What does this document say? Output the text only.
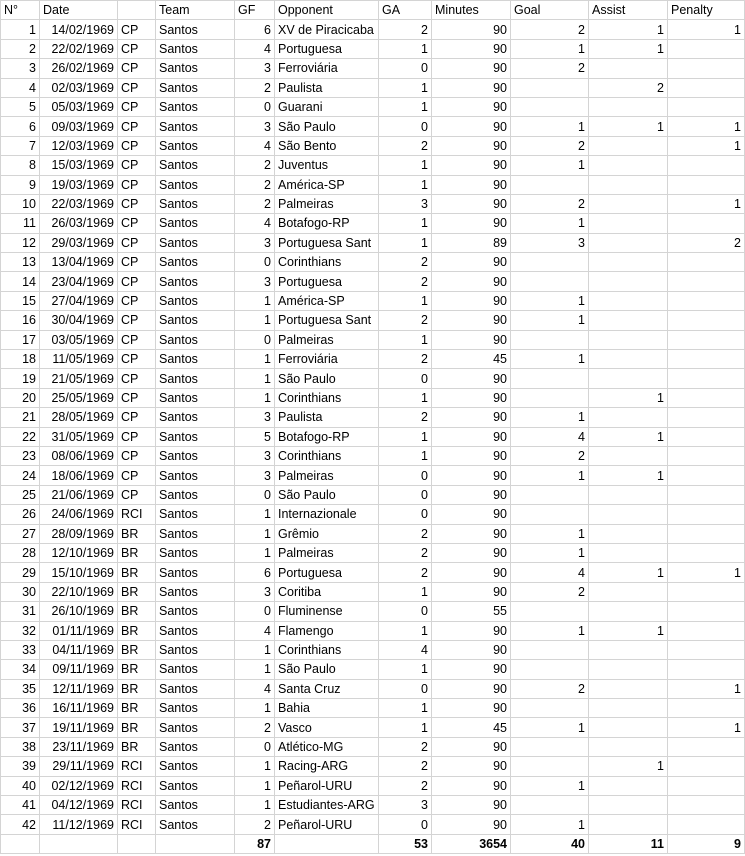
N°	Date		Team	GF	Opponent	GA	Minutes	Goal	Assist	Penalty
1	14/02/1969	CP	Santos	6	XV de Piracicaba	2	90	2	1	1
2	22/02/1969	CP	Santos	4	Portuguesa	1	90	1	1	
3	26/02/1969	CP	Santos	3	Ferroviária	0	90	2		
4	02/03/1969	CP	Santos	2	Paulista	1	90		2	
5	05/03/1969	CP	Santos	0	Guarani	1	90			
6	09/03/1969	CP	Santos	3	São Paulo	0	90	1	1	1
7	12/03/1969	CP	Santos	4	São Bento	2	90	2		1
8	15/03/1969	CP	Santos	2	Juventus	1	90	1		
9	19/03/1969	CP	Santos	2	América-SP	1	90			
10	22/03/1969	CP	Santos	2	Palmeiras	3	90	2		1
11	26/03/1969	CP	Santos	4	Botafogo-RP	1	90	1		
12	29/03/1969	CP	Santos	3	Portuguesa Sant	1	89	3		2
13	13/04/1969	CP	Santos	0	Corinthians	2	90			
14	23/04/1969	CP	Santos	3	Portuguesa	2	90			
15	27/04/1969	CP	Santos	1	América-SP	1	90	1		
16	30/04/1969	CP	Santos	1	Portuguesa Sant	2	90	1		
17	03/05/1969	CP	Santos	0	Palmeiras	1	90			
18	11/05/1969	CP	Santos	1	Ferroviária	2	45	1		
19	21/05/1969	CP	Santos	1	São Paulo	0	90			
20	25/05/1969	CP	Santos	1	Corinthians	1	90		1	
21	28/05/1969	CP	Santos	3	Paulista	2	90	1		
22	31/05/1969	CP	Santos	5	Botafogo-RP	1	90	4	1	
23	08/06/1969	CP	Santos	3	Corinthians	1	90	2		
24	18/06/1969	CP	Santos	3	Palmeiras	0	90	1	1	
25	21/06/1969	CP	Santos	0	São Paulo	0	90			
26	24/06/1969	RCI	Santos	1	Internazionale	0	90			
27	28/09/1969	BR	Santos	1	Grêmio	2	90	1		
28	12/10/1969	BR	Santos	1	Palmeiras	2	90	1		
29	15/10/1969	BR	Santos	6	Portuguesa	2	90	4	1	1
30	22/10/1969	BR	Santos	3	Coritiba	1	90	2		
31	26/10/1969	BR	Santos	0	Fluminense	0	55			
32	01/11/1969	BR	Santos	4	Flamengo	1	90	1	1	
33	04/11/1969	BR	Santos	1	Corinthians	4	90			
34	09/11/1969	BR	Santos	1	São Paulo	1	90			
35	12/11/1969	BR	Santos	4	Santa Cruz	0	90	2		1
36	16/11/1969	BR	Santos	1	Bahia	1	90			
37	19/11/1969	BR	Santos	2	Vasco	1	45	1		1
38	23/11/1969	BR	Santos	0	Atlético-MG	2	90			
39	29/11/1969	RCI	Santos	1	Racing-ARG	2	90		1	
40	02/12/1969	RCI	Santos	1	Peñarol-URU	2	90	1		
41	04/12/1969	RCI	Santos	1	Estudiantes-ARG	3	90			
42	11/12/1969	RCI	Santos	2	Peñarol-URU	0	90	1		
				87		53	3654	40	11	9
